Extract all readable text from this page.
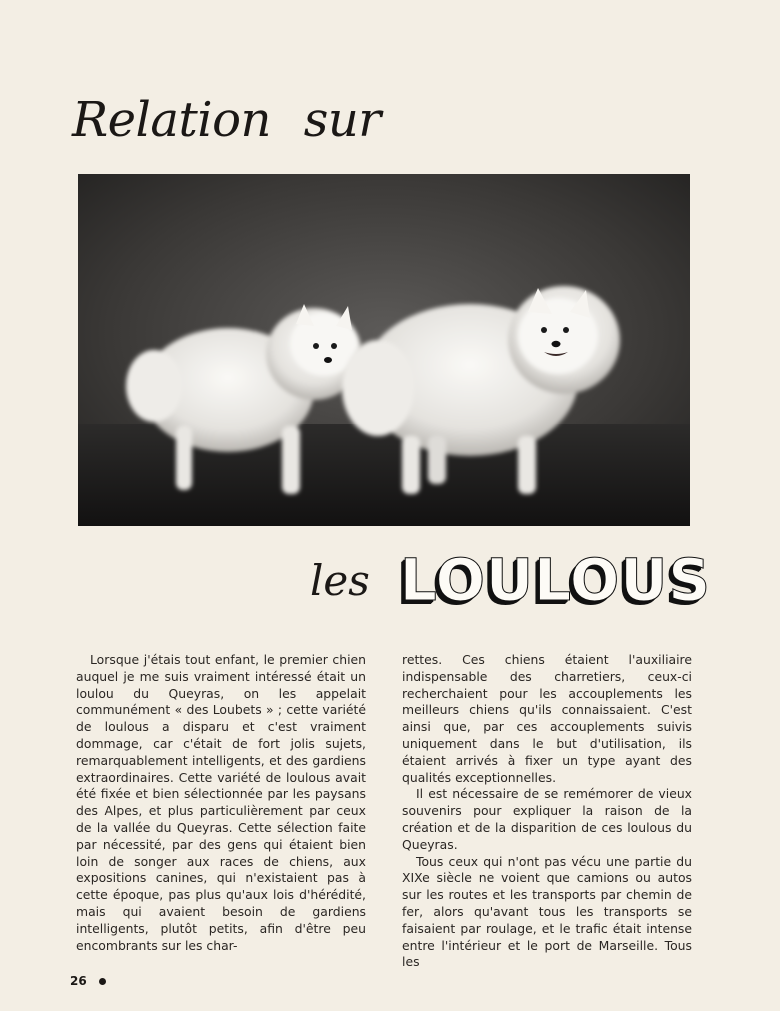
Relation sur
les LOULOUS

Lorsque j'étais tout enfant, le premier chien auquel je me suis vraiment intéressé était un loulou du Queyras, on les appelait communément « des Loubets » ; cette variété de loulous a disparu et c'est vraiment dommage, car c'était de fort jolis sujets, remarquablement intelligents, et des gardiens extraordinaires. Cette variété de loulous avait été fixée et bien sélectionnée par les paysans des Alpes, et plus particulièrement par ceux de la vallée du Queyras. Cette sélection faite par nécessité, par des gens qui étaient bien loin de songer aux races de chiens, aux expositions canines, qui n'existaient pas à cette époque, pas plus qu'aux lois d'hérédité, mais qui avaient besoin de gardiens intelligents, plutôt petits, afin d'être peu encombrants sur les char-

rettes. Ces chiens étaient l'auxiliaire indispensable des charretiers, ceux-ci recherchaient pour les accouplements les meilleurs chiens qu'ils connaissaient. C'est ainsi que, par ces accouplements suivis uniquement dans le but d'utilisation, ils étaient arrivés à fixer un type ayant des qualités exceptionnelles.

Il est nécessaire de se remémorer de vieux souvenirs pour expliquer la raison de la création et de la disparition de ces loulous du Queyras.

Tous ceux qui n'ont pas vécu une partie du XIXe siècle ne voient que camions ou autos sur les routes et les transports par chemin de fer, alors qu'avant tous les transports se faisaient par roulage, et le trafic était intense entre l'intérieur et le port de Marseille. Tous les

26
